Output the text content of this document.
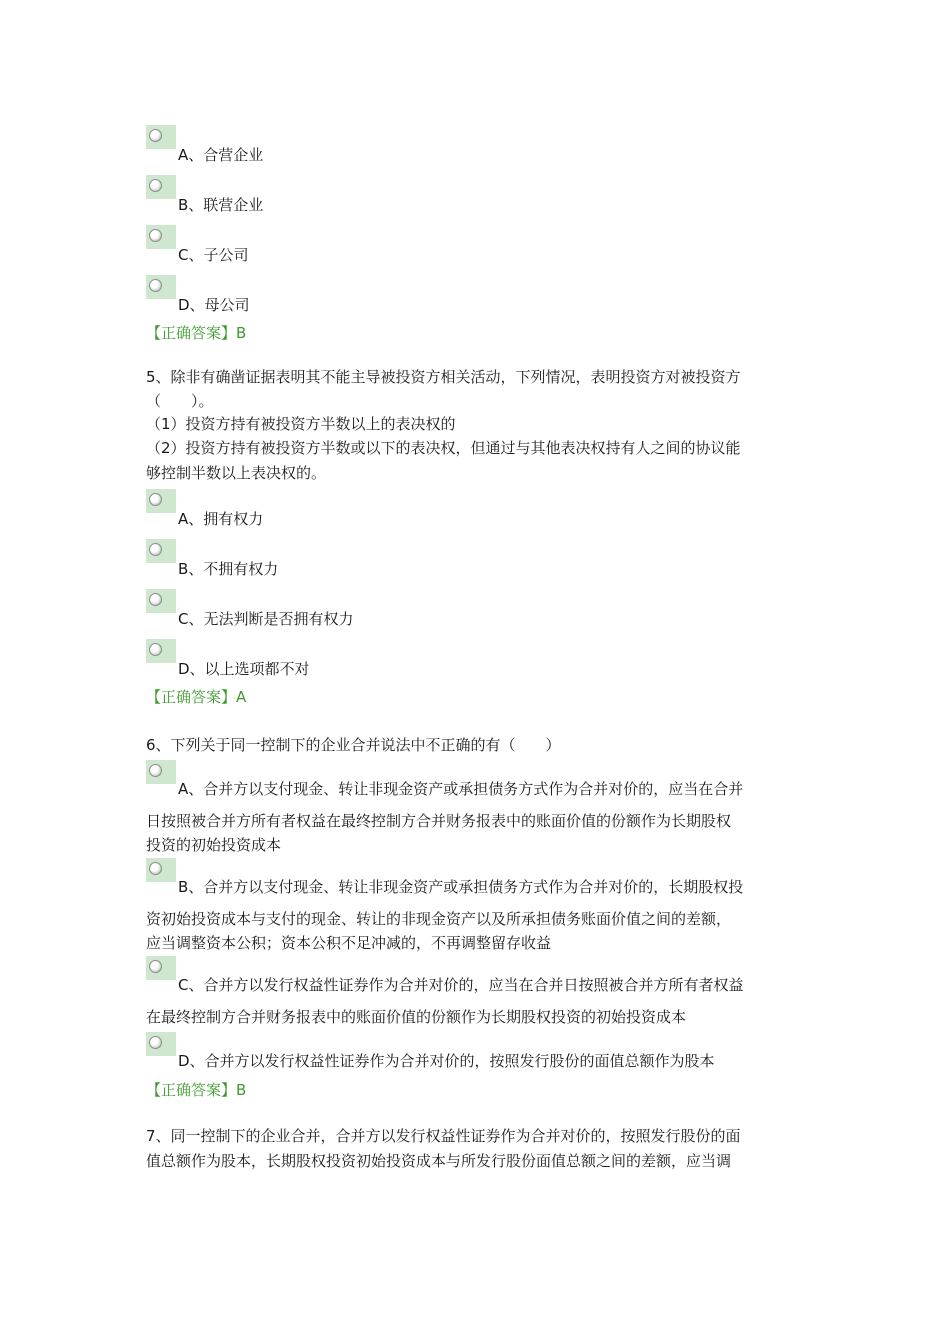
A、合营企业
B、联营企业
C、子公司
D、母公司
【正确答案】B

5、除非有确凿证据表明其不能主导被投资方相关活动，下列情况，表明投资方对被投资方

（　　）。

（1）投资方持有被投资方半数以上的表决权的

（2）投资方持有被投资方半数或以下的表决权，但通过与其他表决权持有人之间的协议能

够控制半数以上表决权的。

A、拥有权力
B、不拥有权力
C、无法判断是否拥有权力
D、以上选项都不对
【正确答案】A

6、下列关于同一控制下的企业合并说法中不正确的有（　　）

A、合并方以支付现金、转让非现金资产或承担债务方式作为合并对价的，应当在合并
日按照被合并方所有者权益在最终控制方合并财务报表中的账面价值的份额作为长期股权
投资的初始投资成本
B、合并方以支付现金、转让非现金资产或承担债务方式作为合并对价的，长期股权投
资初始投资成本与支付的现金、转让的非现金资产以及所承担债务账面价值之间的差额，
应当调整资本公积；资本公积不足冲减的，不再调整留存收益
C、合并方以发行权益性证券作为合并对价的，应当在合并日按照被合并方所有者权益
在最终控制方合并财务报表中的账面价值的份额作为长期股权投资的初始投资成本
D、合并方以发行权益性证券作为合并对价的，按照发行股份的面值总额作为股本
【正确答案】B

7、同一控制下的企业合并，合并方以发行权益性证券作为合并对价的，按照发行股份的面

值总额作为股本，长期股权投资初始投资成本与所发行股份面值总额之间的差额，应当调
